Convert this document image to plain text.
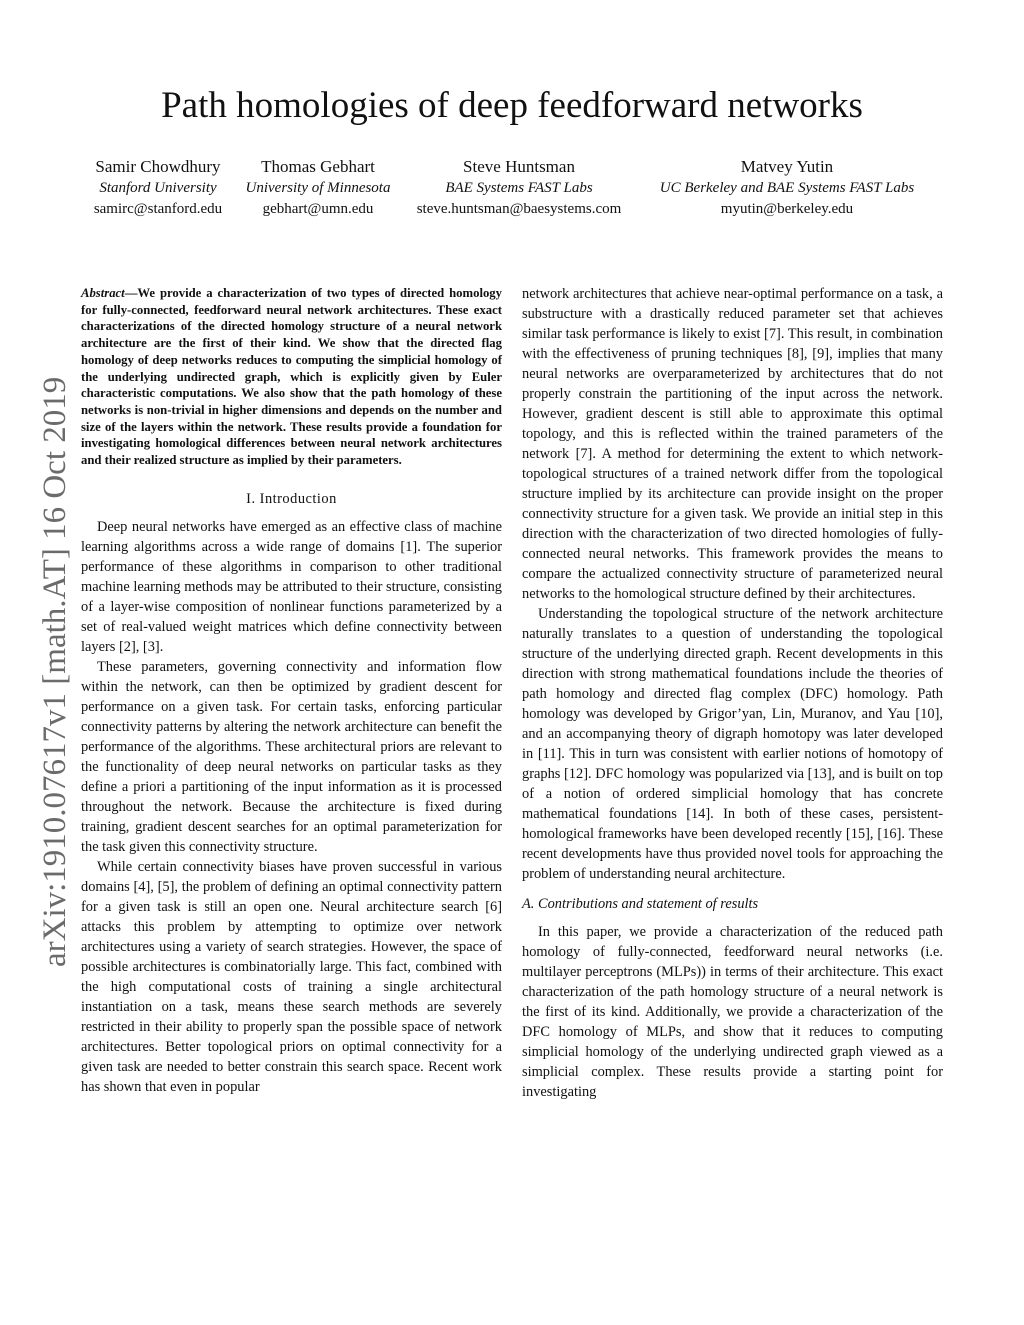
Path homologies of deep feedforward networks
Samir Chowdhury
Stanford University
samirc@stanford.edu
Thomas Gebhart
University of Minnesota
gebhart@umn.edu
Steve Huntsman
BAE Systems FAST Labs
steve.huntsman@baesystems.com
Matvey Yutin
UC Berkeley and BAE Systems FAST Labs
myutin@berkeley.edu
arXiv:1910.07617v1 [math.AT] 16 Oct 2019

Abstract—We provide a characterization of two types of directed homology for fully-connected, feedforward neural network architectures. These exact characterizations of the directed homology structure of a neural network architecture are the first of their kind. We show that the directed flag homology of deep networks reduces to computing the simplicial homology of the underlying undirected graph, which is explicitly given by Euler characteristic computations. We also show that the path homology of these networks is non-trivial in higher dimensions and depends on the number and size of the layers within the network. These results provide a foundation for investigating homological differences between neural network architectures and their realized structure as implied by their parameters.

I. Introduction

Deep neural networks have emerged as an effective class of machine learning algorithms across a wide range of domains [1]. The superior performance of these algorithms in comparison to other traditional machine learning methods may be attributed to their structure, consisting of a layer-wise composition of nonlinear functions parameterized by a set of real-valued weight matrices which define connectivity between layers [2], [3].

These parameters, governing connectivity and information flow within the network, can then be optimized by gradient descent for performance on a given task. For certain tasks, enforcing particular connectivity patterns by altering the network architecture can benefit the performance of the algorithms. These architectural priors are relevant to the functionality of deep neural networks on particular tasks as they define a priori a partitioning of the input information as it is processed throughout the network. Because the architecture is fixed during training, gradient descent searches for an optimal parameterization for the task given this connectivity structure.

While certain connectivity biases have proven successful in various domains [4], [5], the problem of defining an optimal connectivity pattern for a given task is still an open one. Neural architecture search [6] attacks this problem by attempting to optimize over network architectures using a variety of search strategies. However, the space of possible architectures is combinatorially large. This fact, combined with the high computational costs of training a single architectural instantiation on a task, means these search methods are severely restricted in their ability to properly span the possible space of network architectures. Better topological priors on optimal connectivity for a given task are needed to better constrain this search space. Recent work has shown that even in popular

network architectures that achieve near-optimal performance on a task, a substructure with a drastically reduced parameter set that achieves similar task performance is likely to exist [7]. This result, in combination with the effectiveness of pruning techniques [8], [9], implies that many neural networks are overparameterized by architectures that do not properly constrain the partitioning of the input across the network. However, gradient descent is still able to approximate this optimal topology, and this is reflected within the trained parameters of the network [7]. A method for determining the extent to which network-topological structures of a trained network differ from the topological structure implied by its architecture can provide insight on the proper connectivity structure for a given task. We provide an initial step in this direction with the characterization of two directed homologies of fully-connected neural networks. This framework provides the means to compare the actualized connectivity structure of parameterized neural networks to the homological structure defined by their architectures.

Understanding the topological structure of the network architecture naturally translates to a question of understanding the topological structure of the underlying directed graph. Recent developments in this direction with strong mathematical foundations include the theories of path homology and directed flag complex (DFC) homology. Path homology was developed by Grigor’yan, Lin, Muranov, and Yau [10], and an accompanying theory of digraph homotopy was later developed in [11]. This in turn was consistent with earlier notions of homotopy of graphs [12]. DFC homology was popularized via [13], and is built on top of a notion of ordered simplicial homology that has concrete mathematical foundations [14]. In both of these cases, persistent-homological frameworks have been developed recently [15], [16]. These recent developments have thus provided novel tools for approaching the problem of understanding neural architecture.

A. Contributions and statement of results

In this paper, we provide a characterization of the reduced path homology of fully-connected, feedforward neural networks (i.e. multilayer perceptrons (MLPs)) in terms of their architecture. This exact characterization of the path homology structure of a neural network is the first of its kind. Additionally, we provide a characterization of the DFC homology of MLPs, and show that it reduces to computing simplicial homology of the underlying undirected graph viewed as a simplicial complex. These results provide a starting point for investigating
